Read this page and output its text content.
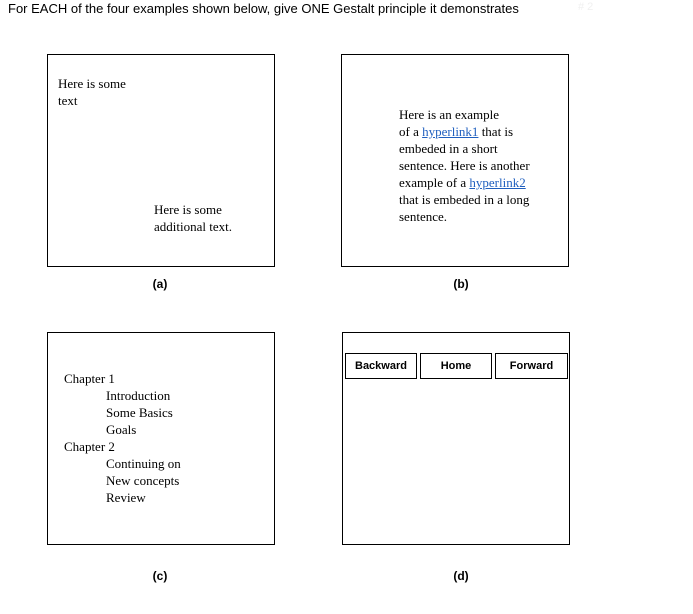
For EACH of the four examples shown below, give ONE Gestalt principle it demonstrates	# 2
Here is some
text
Here is some
additional text.
(a)
Here is an example
of a hyperlink1 that is
embeded in a short
sentence. Here is another
example of a hyperlink2
that is embeded in a long
sentence.
(b)
Chapter 1
Introduction
Some Basics
Goals
Chapter 2
Continuing on
New concepts
Review
(c)
Backward	Home	Forward
(d)
